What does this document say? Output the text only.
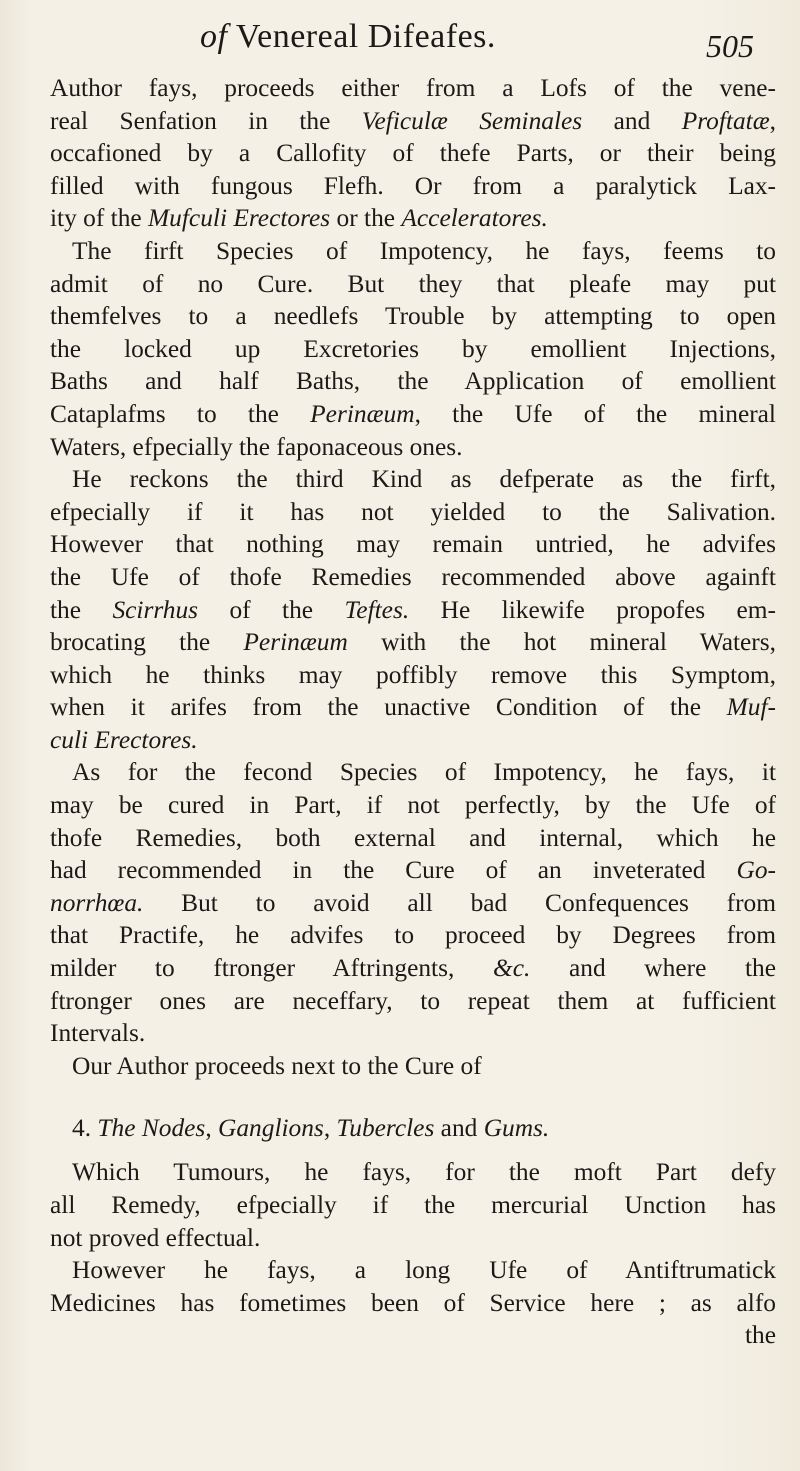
of Venereal Difeafes.	505
Author fays, proceeds either from a Lofs of the vene-
real Senfation in the Veficulæ Seminales and Proftatæ,
occafioned by a Callofity of thefe Parts, or their being
filled with fungous Flefh. Or from a paralytick Lax-
ity of the Mufculi Erectores or the Acceleratores.
The firft Species of Impotency, he fays, feems to
admit of no Cure. But they that pleafe may put
themfelves to a needlefs Trouble by attempting to open
the locked up Excretories by emollient Injections,
Baths and half Baths, the Application of emollient
Cataplafms to the Perinæum, the Ufe of the mineral
Waters, efpecially the faponaceous ones.
He reckons the third Kind as defperate as the firft,
efpecially if it has not yielded to the Salivation.
However that nothing may remain untried, he advifes
the Ufe of thofe Remedies recommended above againft
the Scirrhus of the Teftes. He likewife propofes em-
brocating the Perinæum with the hot mineral Waters,
which he thinks may poffibly remove this Symptom,
when it arifes from the unactive Condition of the Muf-
culi Erectores.
As for the fecond Species of Impotency, he fays, it
may be cured in Part, if not perfectly, by the Ufe of
thofe Remedies, both external and internal, which he
had recommended in the Cure of an inveterated Go-
norrhœa. But to avoid all bad Confequences from
that Practife, he advifes to proceed by Degrees from
milder to ftronger Aftringents, &c. and where the
ftronger ones are neceffary, to repeat them at fufficient
Intervals.
Our Author proceeds next to the Cure of
4. The Nodes, Ganglions, Tubercles and Gums.
Which Tumours, he fays, for the moft Part defy
all Remedy, efpecially if the mercurial Unction has
not proved effectual.
However he fays, a long Ufe of Antiftrumatick
Medicines has fometimes been of Service here ; as alfo
the
